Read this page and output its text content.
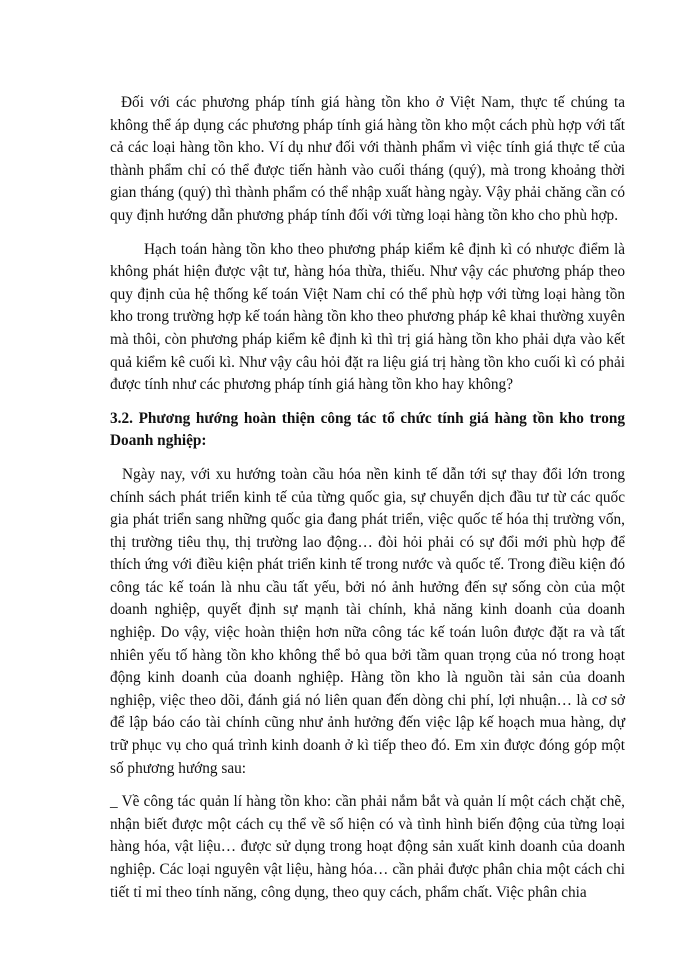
Đối với các phương pháp tính giá hàng tồn kho ở Việt Nam, thực tế chúng ta không thể áp dụng các phương pháp tính giá hàng tồn kho một cách phù hợp với tất cả các loại hàng tồn kho. Ví dụ như đối với thành phẩm vì việc tính giá thực tế của thành phẩm chỉ có thể được tiến hành vào cuối tháng (quý), mà trong khoảng thời gian tháng (quý) thì thành phẩm có thể nhập xuất hàng ngày. Vậy phải chăng cần có quy định hướng dẫn phương pháp tính đối với từng loại hàng tồn kho cho phù hợp.

Hạch toán hàng tồn kho theo phương pháp kiểm kê định kì có nhược điểm là không phát hiện được vật tư, hàng hóa thừa, thiếu. Như vậy các phương pháp theo quy định của hệ thống kế toán Việt Nam chỉ có thể phù hợp với từng loại hàng tồn kho trong trường hợp kế toán hàng tồn kho theo phương pháp kê khai thường xuyên mà thôi, còn phương pháp kiểm kê định kì thì trị giá hàng tồn kho phải dựa vào kết quả kiểm kê cuối kì. Như vậy câu hỏi đặt ra liệu giá trị hàng tồn kho cuối kì có phải được tính như các phương pháp tính giá hàng tồn kho hay không?

3.2. Phương hướng hoàn thiện công tác tổ chức tính giá hàng tồn kho trong Doanh nghiệp:

Ngày nay, với xu hướng toàn cầu hóa nền kinh tế dẫn tới sự thay đổi lớn trong chính sách phát triển kinh tế của từng quốc gia, sự chuyển dịch đầu tư từ các quốc gia phát triển sang những quốc gia đang phát triển, việc quốc tế hóa thị trường vốn, thị trường tiêu thụ, thị trường lao động… đòi hỏi phải có sự đổi mới phù hợp để thích ứng với điều kiện phát triển kinh tế trong nước và quốc tế. Trong điều kiện đó công tác kế toán là nhu cầu tất yếu, bởi nó ảnh hưởng đến sự sống còn của một doanh nghiệp, quyết định sự mạnh tài chính, khả năng kinh doanh của doanh nghiệp. Do vậy, việc hoàn thiện hơn nữa công tác kế toán luôn được đặt ra và tất nhiên yếu tố hàng tồn kho không thể bỏ qua bởi tầm quan trọng của nó trong hoạt động kinh doanh của doanh nghiệp. Hàng tồn kho là nguồn tài sản của doanh nghiệp, việc theo dõi, đánh giá nó liên quan đến dòng chi phí, lợi nhuận… là cơ sở để lập báo cáo tài chính cũng như ảnh hưởng đến việc lập kế hoạch mua hàng, dự trữ phục vụ cho quá trình kinh doanh ở kì tiếp theo đó. Em xin được đóng góp một số phương hướng sau:

_ Về công tác quản lí hàng tồn kho: cần phải nắm bắt và quản lí một cách chặt chẽ, nhận biết được một cách cụ thể về số hiện có và tình hình biến động của từng loại hàng hóa, vật liệu… được sử dụng trong hoạt động sản xuất kinh doanh của doanh nghiệp. Các loại nguyên vật liệu, hàng hóa… cần phải được phân chia một cách chi tiết tỉ mỉ theo tính năng, công dụng, theo quy cách, phẩm chất. Việc phân chia
